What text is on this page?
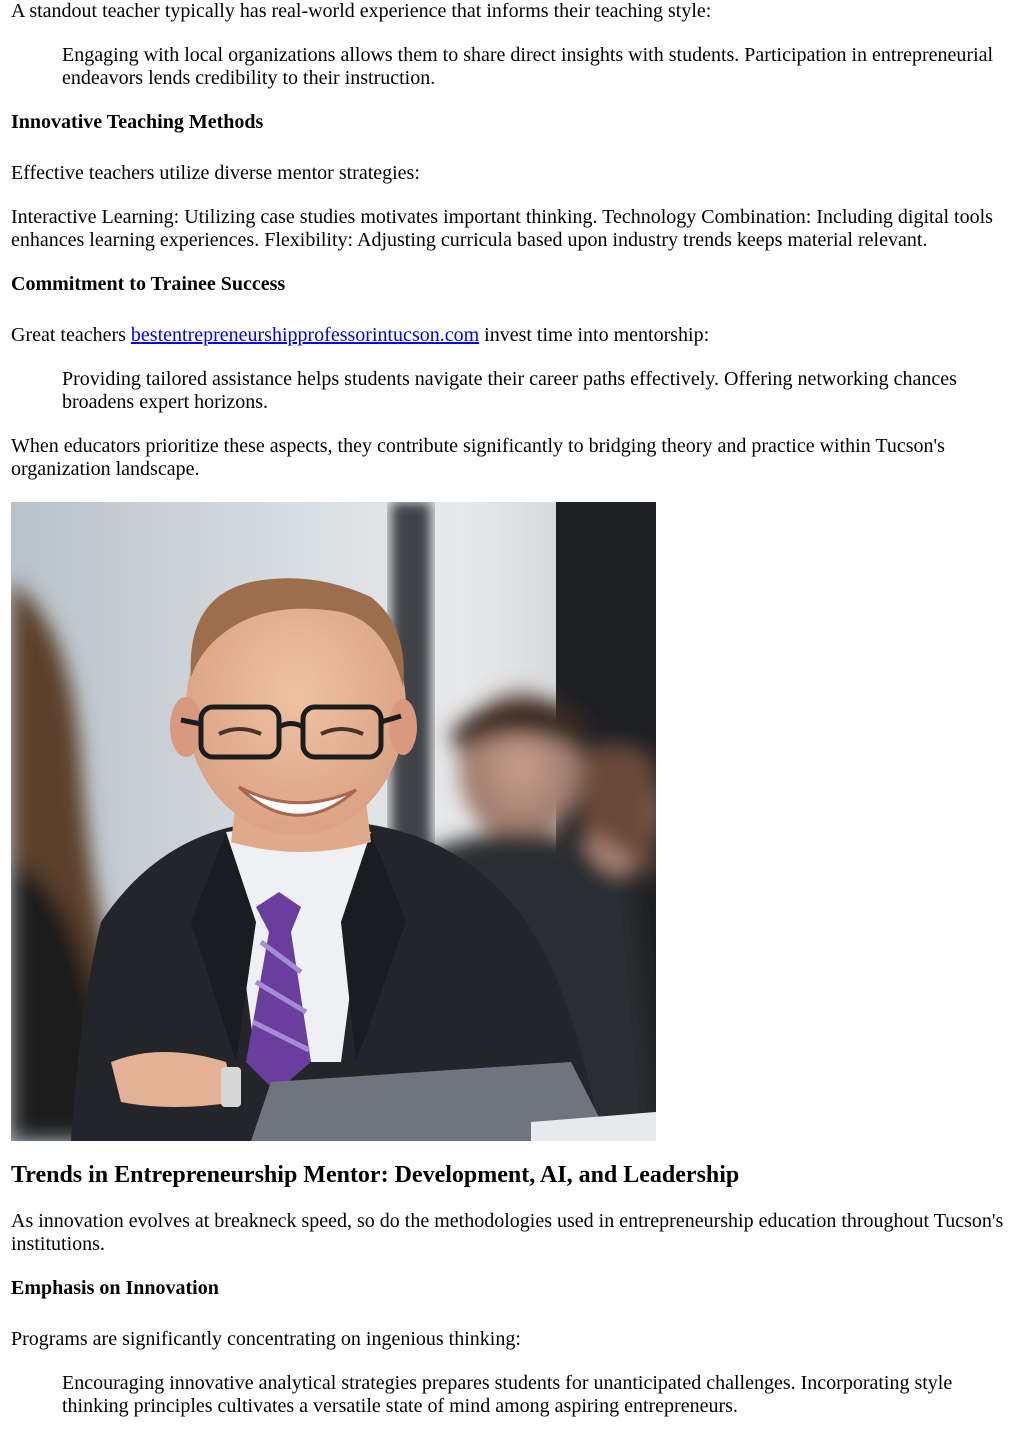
A standout teacher typically has real-world experience that informs their teaching style:

Engaging with local organizations allows them to share direct insights with students. Participation in entrepreneurial endeavors lends credibility to their instruction.

Innovative Teaching Methods

Effective teachers utilize diverse mentor strategies:

Interactive Learning: Utilizing case studies motivates important thinking. Technology Combination: Including digital tools enhances learning experiences. Flexibility: Adjusting curricula based upon industry trends keeps material relevant.

Commitment to Trainee Success

Great teachers bestentrepreneurshipprofessorintucson.com invest time into mentorship:

Providing tailored assistance helps students navigate their career paths effectively. Offering networking chances broadens expert horizons.

When educators prioritize these aspects, they contribute significantly to bridging theory and practice within Tucson's organization landscape.

Trends in Entrepreneurship Mentor: Development, AI, and Leadership

As innovation evolves at breakneck speed, so do the methodologies used in entrepreneurship education throughout Tucson's institutions.

Emphasis on Innovation

Programs are significantly concentrating on ingenious thinking:

Encouraging innovative analytical strategies prepares students for unanticipated challenges. Incorporating style thinking principles cultivates a versatile state of mind among aspiring entrepreneurs.
